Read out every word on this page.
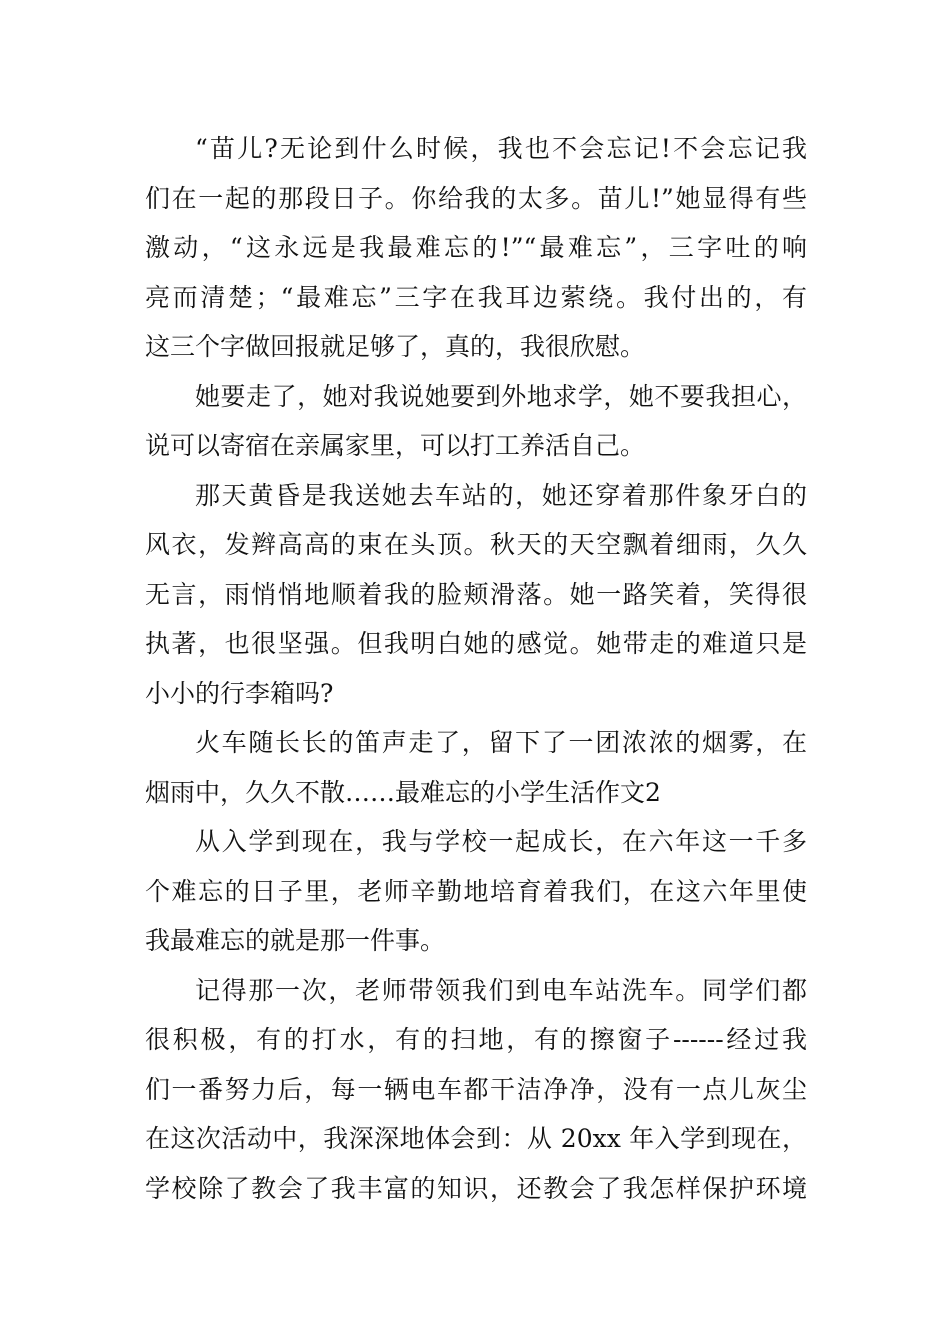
“苗儿?无论到什么时候，我也不会忘记!不会忘记我
们在一起的那段日子。你给我的太多。苗儿!”她显得有些
激动，“这永远是我最难忘的!”“最难忘”，三字吐的响
亮而清楚；“最难忘”三字在我耳边萦绕。我付出的，有
这三个字做回报就足够了，真的，我很欣慰。

她要走了，她对我说她要到外地求学，她不要我担心，
说可以寄宿在亲属家里，可以打工养活自己。

那天黄昏是我送她去车站的，她还穿着那件象牙白的
风衣，发辫高高的束在头顶。秋天的天空飘着细雨，久久
无言，雨悄悄地顺着我的脸颊滑落。她一路笑着，笑得很
执著，也很坚强。但我明白她的感觉。她带走的难道只是
小小的行李箱吗?

火车随长长的笛声走了，留下了一团浓浓的烟雾，在
烟雨中，久久不散……最难忘的小学生活作文2

从入学到现在，我与学校一起成长，在六年这一千多
个难忘的日子里，老师辛勤地培育着我们，在这六年里使
我最难忘的就是那一件事。

记得那一次，老师带领我们到电车站洗车。同学们都
很积极，有的打水，有的扫地，有的擦窗子------经过我
们一番努力后，每一辆电车都干洁净净，没有一点儿灰尘
在这次活动中，我深深地体会到：从 20xx 年入学到现在，
学校除了教会了我丰富的知识，还教会了我怎样保护环境
